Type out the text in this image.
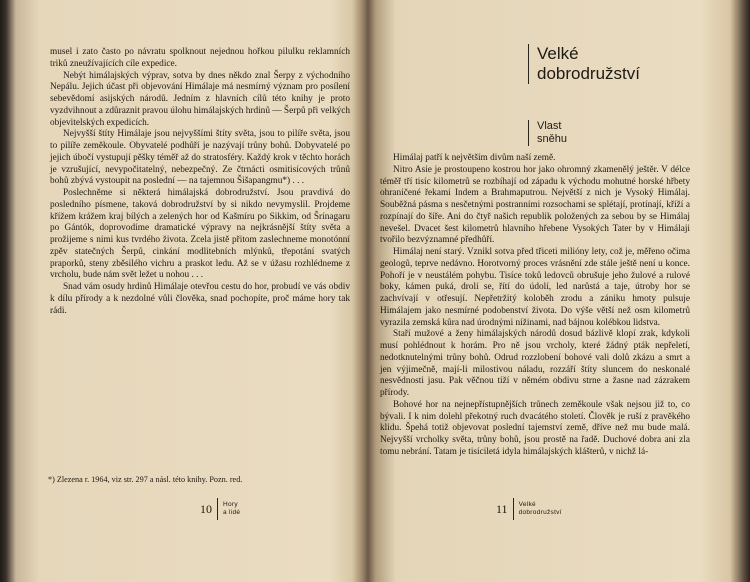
musel i zato často po návratu spolknout nejednou hořkou pilulku reklamních triků zneužívajících cíle expedice.

Nebýt himálajských výprav, sotva by dnes někdo znal Šerpy z východního Nepálu. Jejich účast při objevování Himálaje má nesmírný význam pro posílení sebevědomí asijských národů. Jedním z hlavních cílů této knihy je proto vyzdvihnout a zdůraznit pravou úlohu himálajských hrdinů — Šerpů při velkých objevitelských expedicích.

Nejvyšší štíty Himálaje jsou nejvyššími štíty světa, jsou to pilíře světa, jsou to pilíře zeměkoule. Obyvatelé podhůří je nazývají trůny bohů. Dobyvatelé po jejich úbočí vystupují pěšky téměř až do stratosféry. Každý krok v těchto horách je vzrušující, nevypočitatelný, nebezpečný. Ze čtrnácti osmitisícových trůnů bohů zbývá vystoupit na poslední — na tajemnou Šišapangmu*) . . .

Poslechněme si některá himálajská dobrodružství. Jsou pravdivá do posledního písmene, taková dobrodružství by si nikdo nevymyslil. Projdeme křížem krážem kraj bílých a zelených hor od Kašmíru po Sikkim, od Šrínagaru po Gántók, doprovodíme dramatické výpravy na nejkrásnější štíty světa a prožijeme s nimi kus tvrdého života. Zcela jistě přitom zaslechneme monotónní zpěv statečných Šerpů, cinkání modlitebních mlýnků, třepotání svatých praporků, steny zběsilého vichru a praskot ledu. Až se v úžasu rozhlédneme z vrcholu, bude nám svět ležet u nohou . . .

Snad vám osudy hrdinů Himálaje otevřou cestu do hor, probudí ve vás obdiv k dílu přírody a k nezdolné vůli člověka, snad pochopíte, proč máme hory tak rádi.

*) Zlezena r. 1964, viz str. 297 a násl. této knihy. Pozn. red.
10	Hory
a lidé
Velké
dobrodružství
Vlast
sněhu

Himálaj patří k největším divům naší země.

Nitro Asie je prostoupeno kostrou hor jako ohromný zkamenělý ještěr. V délce téměř tří tisíc kilometrů se rozbíhají od západu k východu mohutné horské hřbety ohraničené řekami Indem a Brahmaputrou. Největší z nich je Vysoký Himálaj. Souběžná pásma s nesčetnými postranními rozsochami se splétají, protínají, kříží a rozpínají do šíře. Ani do čtyř našich republik položených za sebou by se Himálaj nevešel. Dvacet šest kilometrů hlavního hřebene Vysokých Tater by v Himálaji tvořilo bezvýznamné předhůří.

Himálaj není starý. Vznikl sotva před třiceti milióny lety, což je, měřeno očima geologů, teprve nedávno. Horotvorný proces vrásnění zde stále ještě není u konce. Pohoří je v neustálém pohybu. Tisíce toků ledovců obrušuje jeho žulové a rulové boky, kámen puká, drolí se, řítí do údolí, led narůstá a taje, útroby hor se zachvívají v otřesují. Nepřetržitý koloběh zrodu a zániku hmoty pulsuje Himálajem jako nesmírné podobenství života. Do výše větší než osm kilometrů vyrazila zemská kůra nad úrodnými nížinami, nad bájnou kolébkou lidstva.

Staří mužové a ženy himálajských národů dosud bázlivě klopí zrak, kdykoli musí pohlédnout k horám. Pro ně jsou vrcholy, které žádný pták nepřeletí, nedotknutelnými trůny bohů. Odrud rozzlobení bohové vali dolů zkázu a smrt a jen výjimečně, mají-li milostivou náladu, rozzáří štíty sluncem do neskonalé nesvědnosti jasu. Pak věčnou tíží v němém obdivu strne a žasne nad zázrakem přírody.

Bohové hor na nejnepřístupnějších trůnech zeměkoule však nejsou již to, co bývali. I k nim dolehl překotný ruch dvacátého století. Člověk je ruší z pravěkého klidu. Špehá totiž objevovat poslední tajemství země, dříve než mu bude malá. Nejvyšší vrcholky světa, trůny bohů, jsou prostě na řadě. Duchové dobra ani zla tomu nebrání. Tatam je tisíciletá idyla himálajských klášterů, v nichž lá-

11	Velké
dobrodružství
